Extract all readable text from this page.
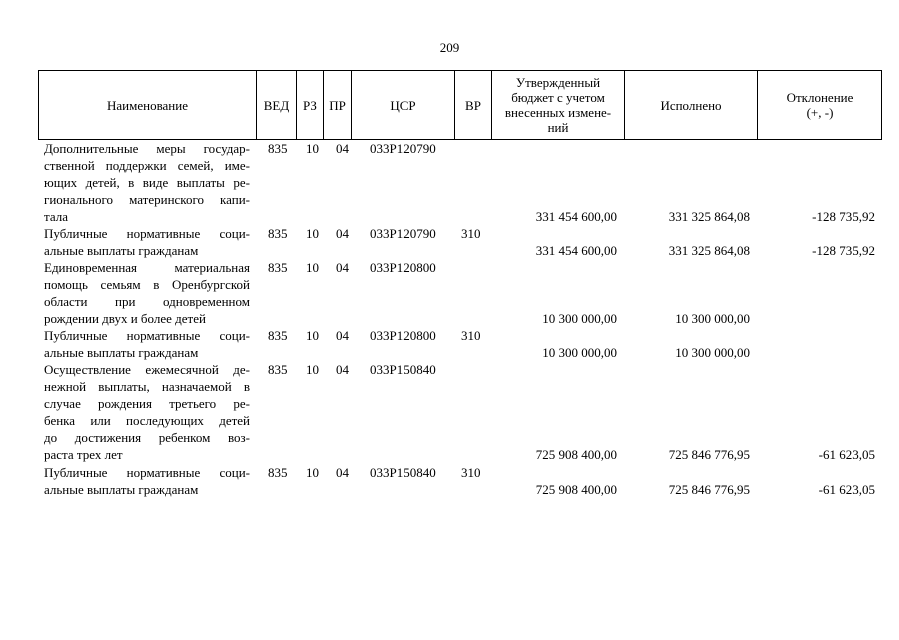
209
Наименование	ВЕД	РЗ ПР	ЦСР	ВР
Утвержденный
бюджет с учетом
внесенных измене-
ний
Исполнено	Отклонение
(+, -)
Дополнительные меры государ-
ственной поддержки семей, име-
ющих детей, в виде выплаты ре-
гионального материнского капи-
тала
835 10 04 033Р120790
331 454 600,00	331 325 864,08	-128 735,92
Публичные нормативные соци-
альные выплаты гражданам
835 10 04 033Р120790 310
331 454 600,00	331 325 864,08	-128 735,92
Единовременная материальная
помощь семьям в Оренбургской
области при одновременном
рождении двух и более детей
835 10 04 033Р120800
10 300 000,00	10 300 000,00
Публичные нормативные соци-
альные выплаты гражданам
835 10 04 033Р120800 310
10 300 000,00	10 300 000,00
Осуществление ежемесячной де-
нежной выплаты, назначаемой в
случае рождения третьего ре-
бенка или последующих детей
до достижения ребенком воз-
раста трех лет
835 10 04 033Р150840
725 908 400,00	725 846 776,95	-61 623,05
Публичные нормативные соци-
альные выплаты гражданам
835 10 04 033Р150840 310
725 908 400,00	725 846 776,95	-61 623,05
